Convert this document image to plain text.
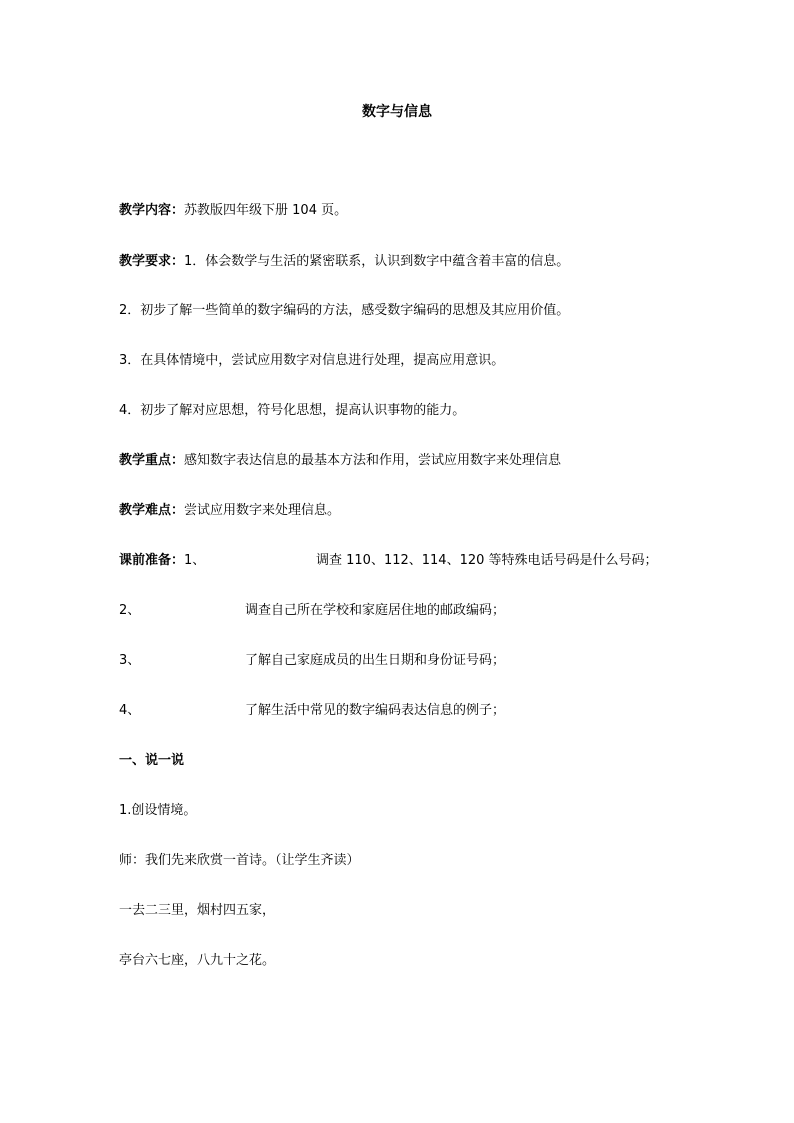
数字与信息
教学内容：苏教版四年级下册 104 页。
教学要求：1．体会数学与生活的紧密联系，认识到数字中蕴含着丰富的信息。
2．初步了解一些简单的数字编码的方法，感受数字编码的思想及其应用价值。
3．在具体情境中，尝试应用数字对信息进行处理，提高应用意识。
4．初步了解对应思想，符号化思想，提高认识事物的能力。
教学重点：感知数字表达信息的最基本方法和作用，尝试应用数字来处理信息
教学难点：尝试应用数字来处理信息。
课前准备：1、	调查 110、112、114、120 等特殊电话号码是什么号码；
2、	调查自己所在学校和家庭居住地的邮政编码；
3、	了解自己家庭成员的出生日期和身份证号码；
4、	了解生活中常见的数字编码表达信息的例子；
一、说一说
1.创设情境。
师：我们先来欣赏一首诗。（让学生齐读）
一去二三里，烟村四五家，
亭台六七座，八九十之花。
